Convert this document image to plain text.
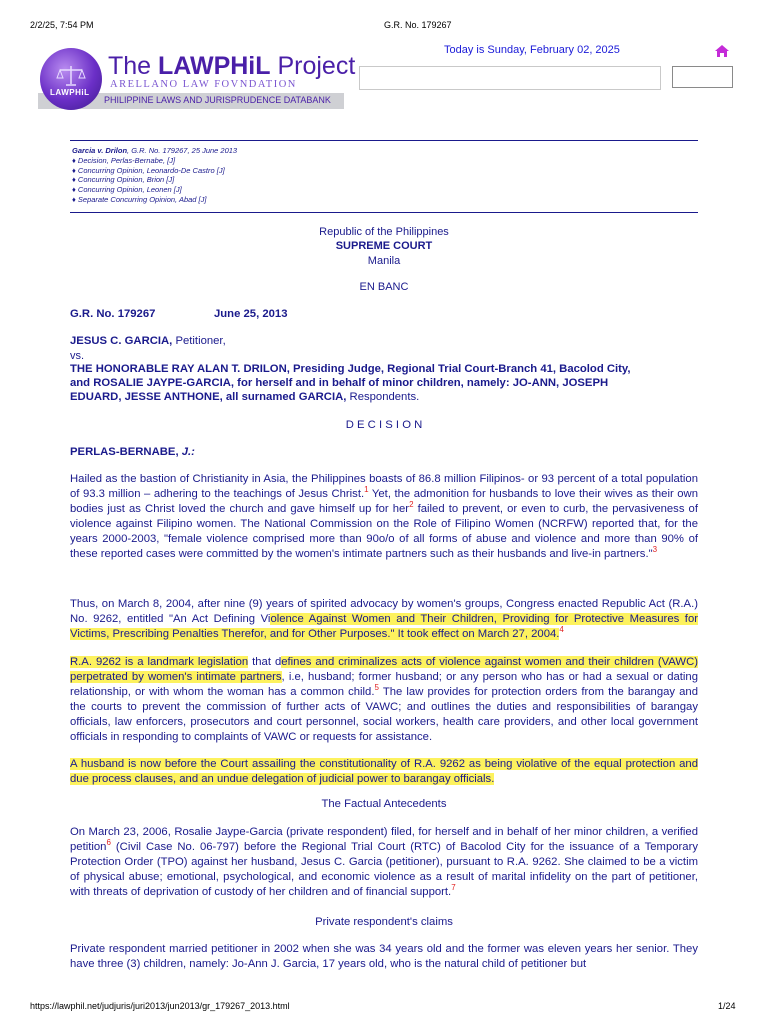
2/2/25, 7:54 PM	G.R. No. 179267
https://lawphil.net/judjuris/juri2013/jun2013/gr_179267_2013.html	1/24
PHILIPPINE LAWS AND JURISPRUDENCE DATABANK
LAWPHiL
The LAWPHiL Project
ARELLANO LAW FOVNDATION
Today is Sunday, February 02, 2025
Garcia v. Drilon, G.R. No. 179267, 25 June 2013
♦ Decision, Perlas-Bernabe, [J]
♦ Concurring Opinion, Leonardo-De Castro [J]
♦ Concurring Opinion, Brion [J]
♦ Concurring Opinion, Leonen [J]
♦ Separate Concurring Opinion, Abad [J]
Republic of the Philippines
SUPREME COURT
Manila
EN BANC
G.R. No. 179267	June 25, 2013
JESUS C. GARCIA, Petitioner,
vs.
THE HONORABLE RAY ALAN T. DRILON, Presiding Judge, Regional Trial Court-Branch 41, Bacolod City,
and ROSALIE JAYPE-GARCIA, for herself and in behalf of minor children, namely: JO-ANN, JOSEPH
EDUARD, JESSE ANTHONE, all surnamed GARCIA, Respondents.
D E C I S I O N
PERLAS-BERNABE, J.:
Hailed as the bastion of Christianity in Asia, the Philippines boasts of 86.8 million Filipinos- or 93 percent of a total population of 93.3 million – adhering to the teachings of Jesus Christ.$^1$ Yet, the admonition for husbands to love their wives as their own bodies just as Christ loved the church and gave himself up for her$^2$ failed to prevent, or even to curb, the pervasiveness of violence against Filipino women. The National Commission on the Role of Filipino Women (NCRFW) reported that, for the years 2000-2003, "female violence comprised more than 90o/o of all forms of abuse and violence and more than 90% of these reported cases were committed by the women's intimate partners such as their husbands and live-in partners."$^3$
Thus, on March 8, 2004, after nine (9) years of spirited advocacy by women's groups, Congress enacted Republic Act (R.A.) No. 9262, entitled "An Act Defining Violence Against Women and Their Children, Providing for Protective Measures for Victims, Prescribing Penalties Therefor, and for Other Purposes." It took effect on March 27, 2004.$^4$
R.A. 9262 is a landmark legislation that defines and criminalizes acts of violence against women and their children (VAWC) perpetrated by women's intimate partners, i.e, husband; former husband; or any person who has or had a sexual or dating relationship, or with whom the woman has a common child.$^5$ The law provides for protection orders from the barangay and the courts to prevent the commission of further acts of VAWC; and outlines the duties and responsibilities of barangay officials, law enforcers, prosecutors and court personnel, social workers, health care providers, and other local government officials in responding to complaints of VAWC or requests for assistance.
A husband is now before the Court assailing the constitutionality of R.A. 9262 as being violative of the equal protection and due process clauses, and an undue delegation of judicial power to barangay officials.
The Factual Antecedents
On March 23, 2006, Rosalie Jaype-Garcia (private respondent) filed, for herself and in behalf of her minor children, a verified petition$^6$ (Civil Case No. 06-797) before the Regional Trial Court (RTC) of Bacolod City for the issuance of a Temporary Protection Order (TPO) against her husband, Jesus C. Garcia (petitioner), pursuant to R.A. 9262. She claimed to be a victim of physical abuse; emotional, psychological, and economic violence as a result of marital infidelity on the part of petitioner, with threats of deprivation of custody of her children and of financial support.$^7$
Private respondent's claims
Private respondent married petitioner in 2002 when she was 34 years old and the former was eleven years her senior. They have three (3) children, namely: Jo-Ann J. Garcia, 17 years old, who is the natural child of petitioner but
